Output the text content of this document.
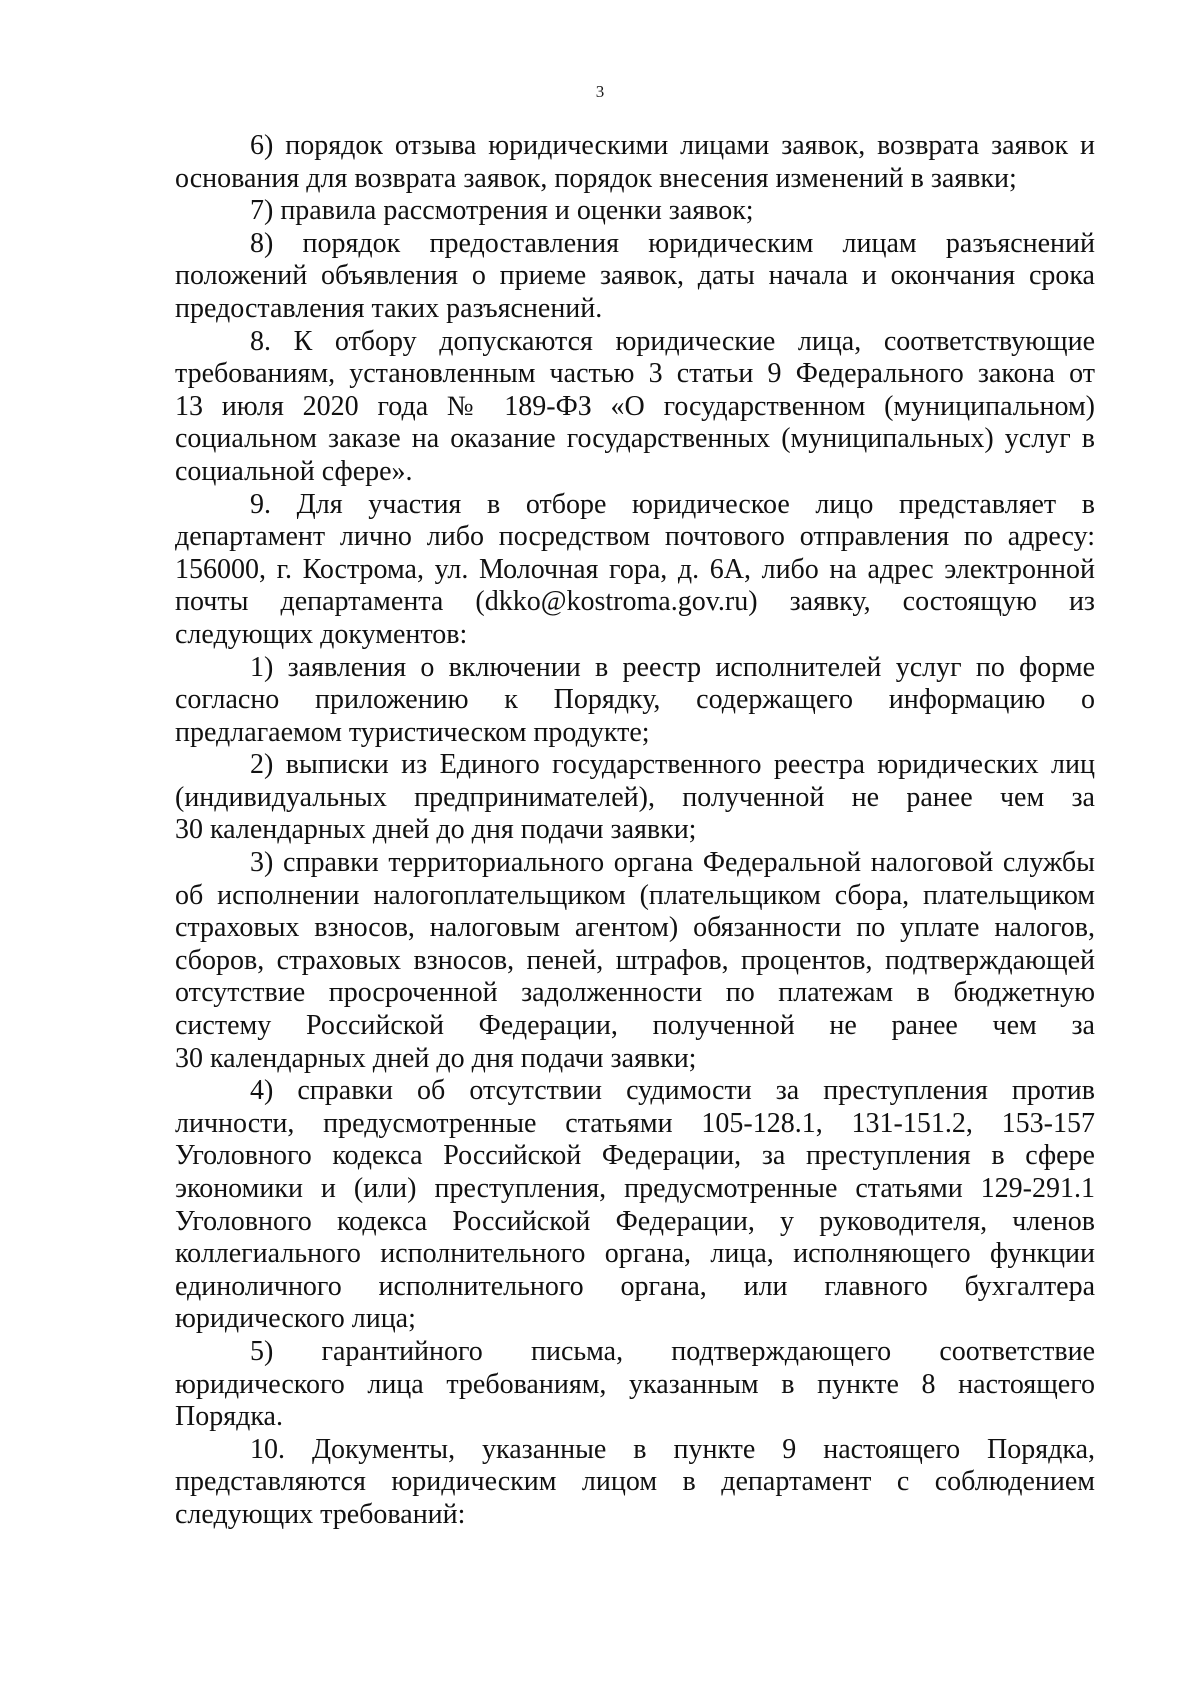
3
6) порядок отзыва юридическими лицами заявок, возврата заявок и
основания для возврата заявок, порядок внесения изменений в заявки;
7) правила рассмотрения и оценки заявок;
8) порядок предоставления юридическим лицам разъяснений
положений объявления о приеме заявок, даты начала и окончания срока
предоставления таких разъяснений.
8. К отбору допускаются юридические лица, соответствующие
требованиям, установленным частью 3 статьи 9 Федерального закона от
13 июля 2020 года № 189-ФЗ «О государственном (муниципальном)
социальном заказе на оказание государственных (муниципальных) услуг в
социальной сфере».
9. Для участия в отборе юридическое лицо представляет в
департамент лично либо посредством почтового отправления по адресу:
156000, г. Кострома, ул. Молочная гора, д. 6А, либо на адрес электронной
почты департамента (dkko@kostroma.gov.ru) заявку, состоящую из
следующих документов:
1) заявления о включении в реестр исполнителей услуг по форме
согласно приложению к Порядку, содержащего информацию о
предлагаемом туристическом продукте;
2) выписки из Единого государственного реестра юридических лиц
(индивидуальных предпринимателей), полученной не ранее чем за
30 календарных дней до дня подачи заявки;
3) справки территориального органа Федеральной налоговой службы
об исполнении налогоплательщиком (плательщиком сбора, плательщиком
страховых взносов, налоговым агентом) обязанности по уплате налогов,
сборов, страховых взносов, пеней, штрафов, процентов, подтверждающей
отсутствие просроченной задолженности по платежам в бюджетную
систему Российской Федерации, полученной не ранее чем за
30 календарных дней до дня подачи заявки;
4) справки об отсутствии судимости за преступления против
личности, предусмотренные статьями 105-128.1, 131-151.2, 153-157
Уголовного кодекса Российской Федерации, за преступления в сфере
экономики и (или) преступления, предусмотренные статьями 129-291.1
Уголовного кодекса Российской Федерации, у руководителя, членов
коллегиального исполнительного органа, лица, исполняющего функции
единоличного исполнительного органа, или главного бухгалтера
юридического лица;
5) гарантийного письма, подтверждающего соответствие
юридического лица требованиям, указанным в пункте 8 настоящего
Порядка.
10. Документы, указанные в пункте 9 настоящего Порядка,
представляются юридическим лицом в департамент с соблюдением
следующих требований:
